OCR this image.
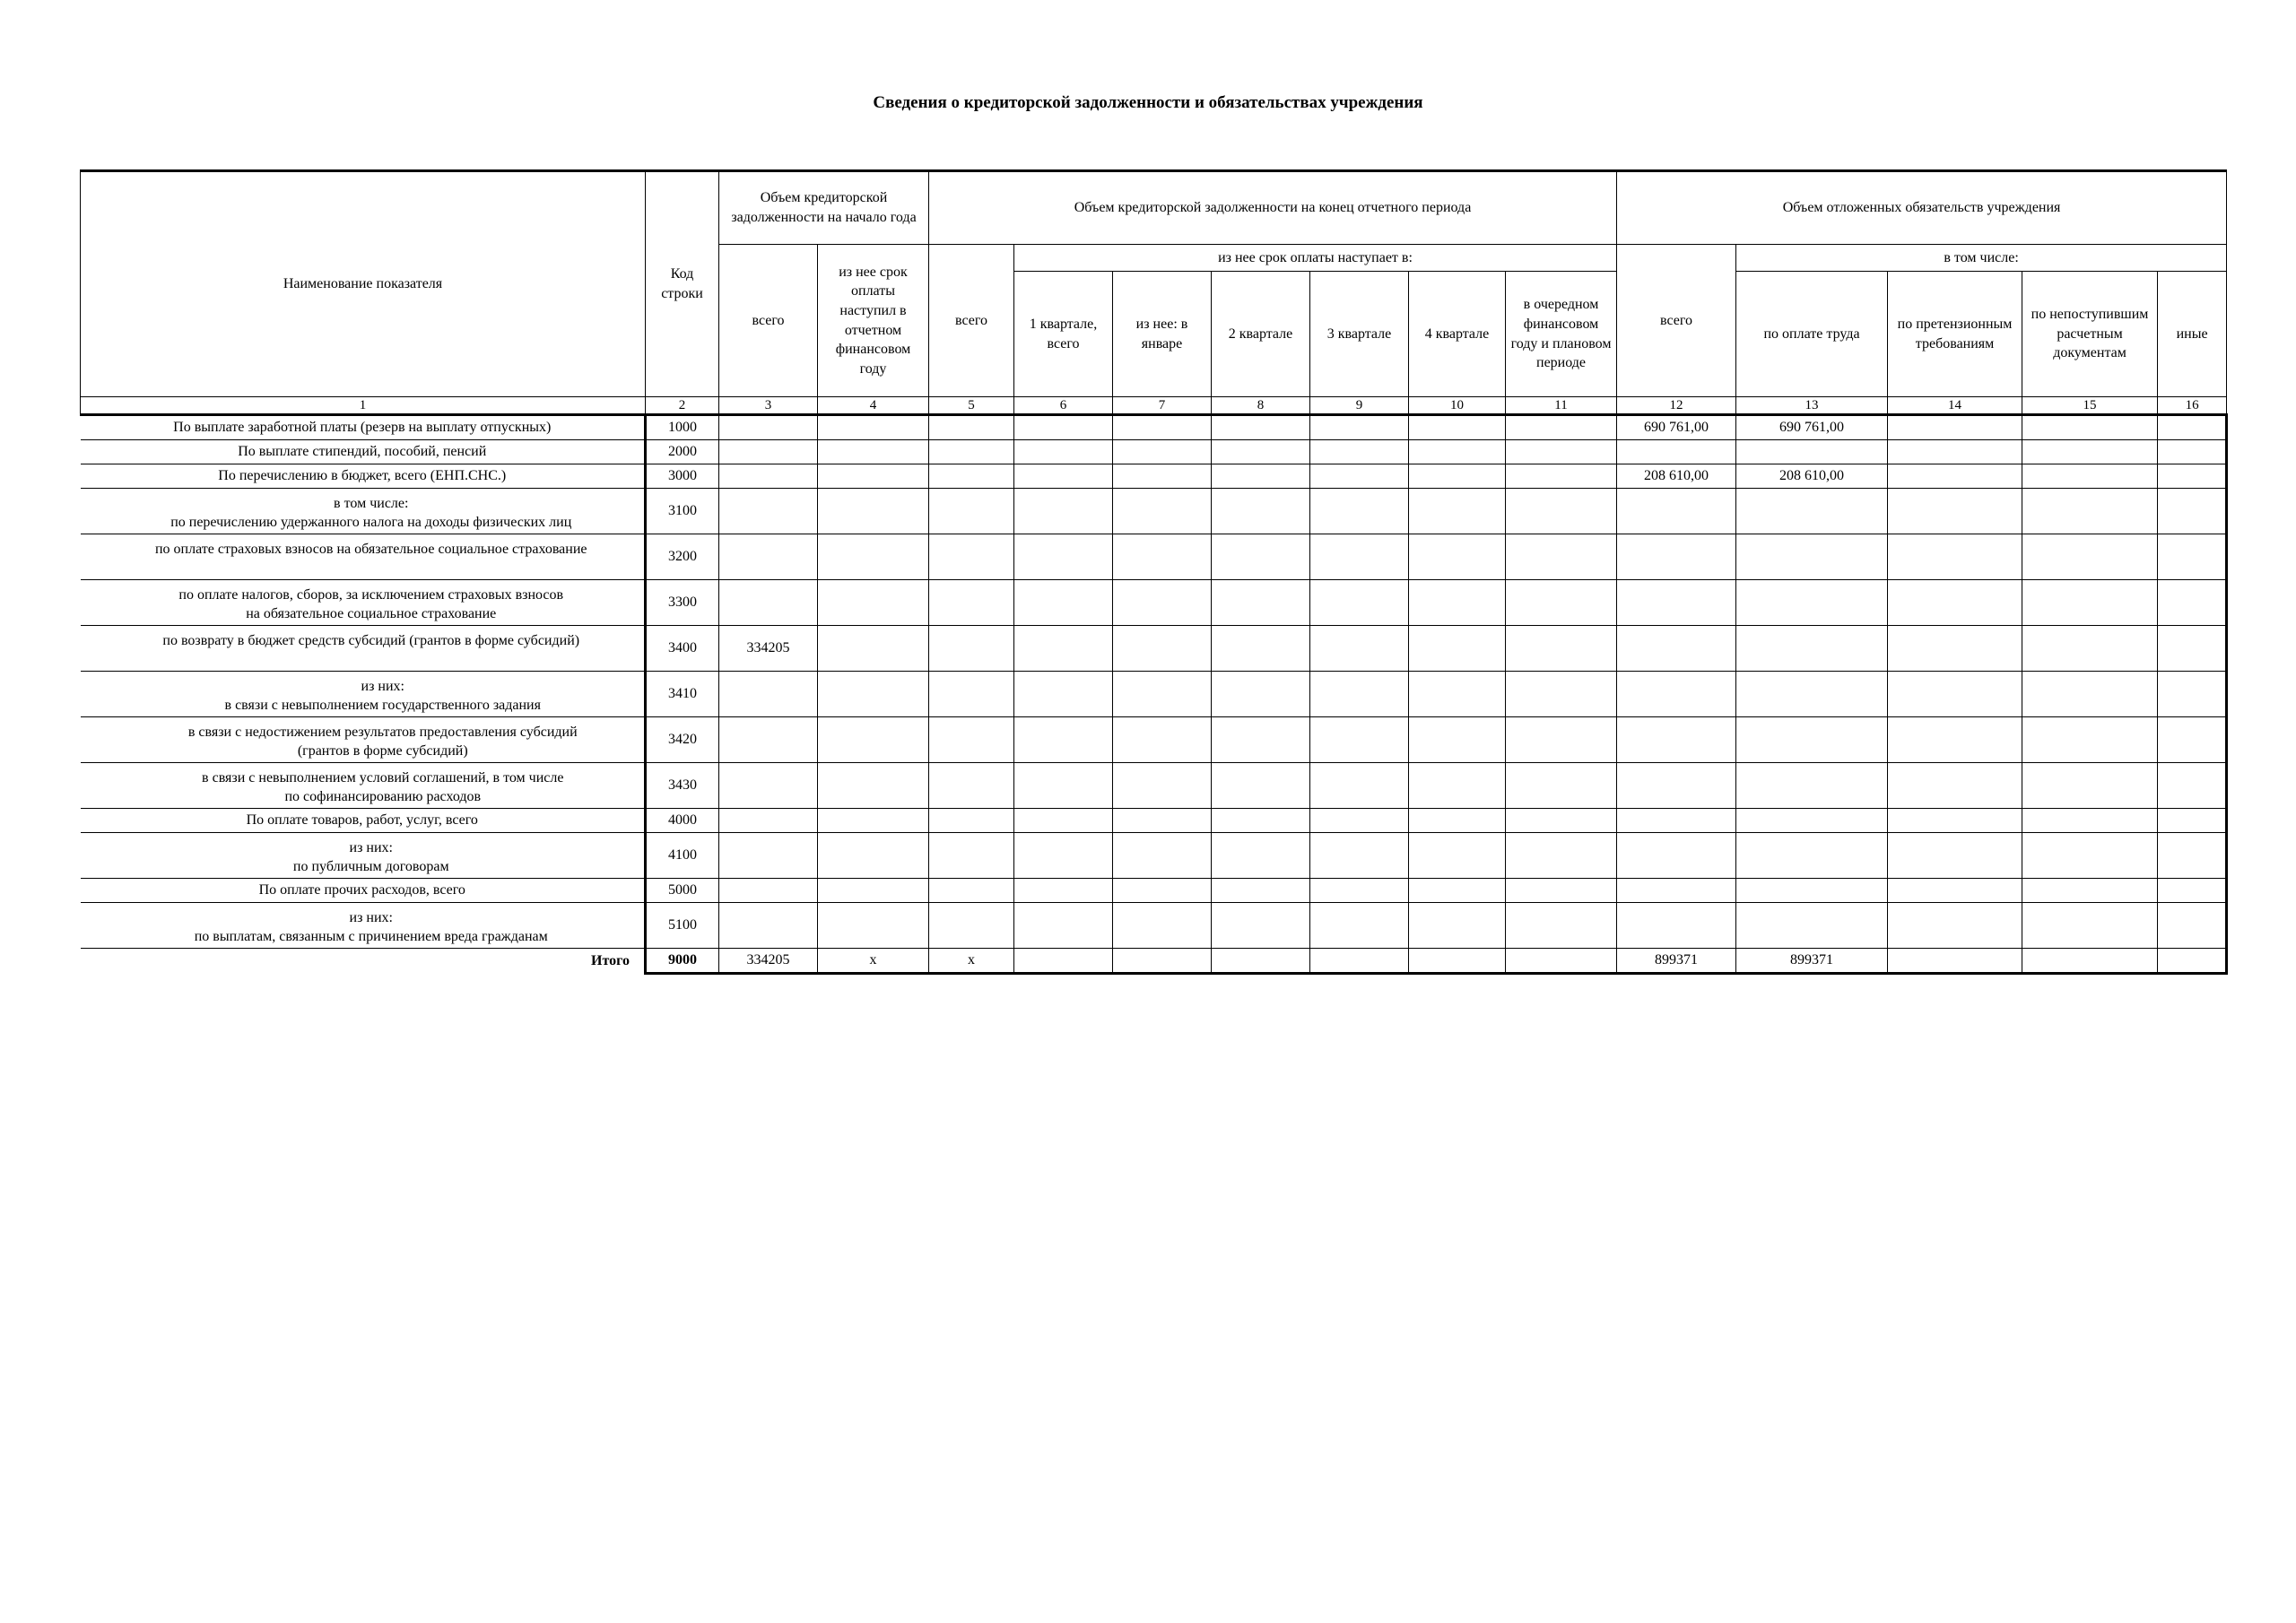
Сведения о кредиторской задолженности и обязательствах учреждения
Наименование показателя	Код строки	Объем кредиторской задолженности на начало года		Объем кредиторской задолженности на конец отчетного периода							Объем отложенных обязательств учреждения				
		всего	из нее срок оплаты наступил в отчетном финансовом году	всего	из нее срок оплаты наступает в:						всего	в том числе:			
					1 квартале, всего	из нее: в январе	2 квартале	3 квартале	4 квартале	в очередном финансовом году и плановом периоде		по оплате труда	по претензионным требованиям	по непоступившим расчетным документам	иные
1	2	3	4	5	6	7	8	9	10	11	12	13	14	15	16

По выплате заработной платы (резерв на выплату отпускных)	1000										690 761,00	690 761,00			

По выплате стипендий, пособий, пенсий	2000														

По перечислению в бюджет, всего (ЕНП.СНС.)	3000										208 610,00	208 610,00			

в том числе:
по перечислению удержанного налога на доходы физических лиц	3100														

по оплате страховых взносов на обязательное социальное страхование	3200														

по оплате налогов, сборов, за исключением страховых взносов
на обязательное социальное страхование	3300														

по возврату в бюджет средств субсидий (грантов в форме субсидий)	3400	334205													

из них:
в связи с невыполнением государственного задания	3410														

в связи с недостижением результатов предоставления субсидий
(грантов в форме субсидий)	3420														

в связи с невыполнением условий соглашений, в том числе
по софинансированию расходов	3430														

По оплате товаров, работ, услуг, всего	4000														

из них:
по публичным договорам	4100														

По оплате прочих расходов, всего	5000														

из них:
по выплатам, связанным с причинением вреда гражданам	5100														
Итого	9000	334205	x	x							899371	899371			
